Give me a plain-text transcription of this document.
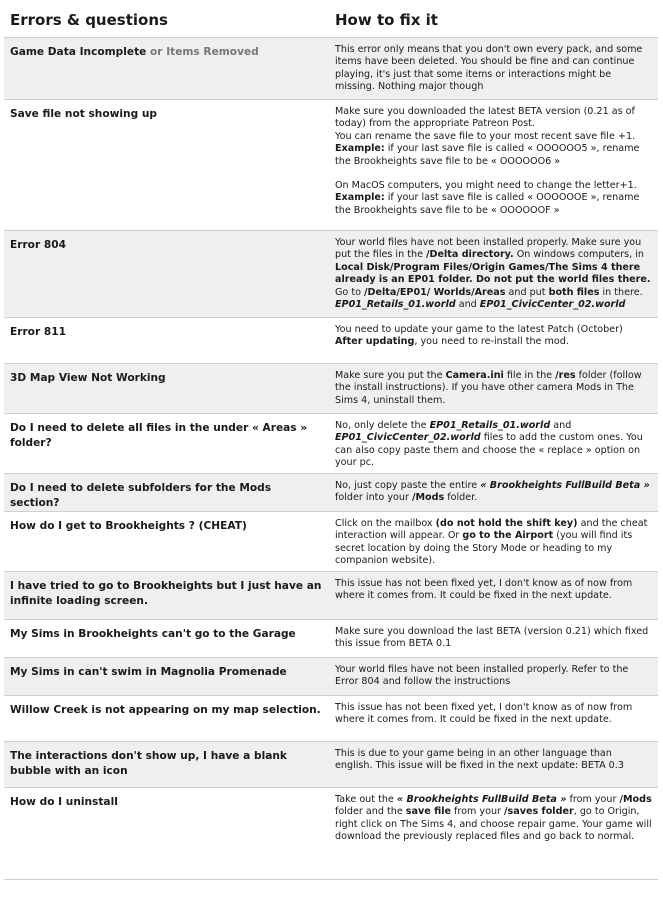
Errors & questions	How to fix it
Game Data Incomplete or Items Removed	This error only means that you don't own every pack, and some items have been deleted. You should be fine and can continue playing, it's just that some items or interactions might be missing. Nothing major though
Save file not showing up	Make sure you downloaded the latest BETA version (0.21 as of today) from the appropriate Patreon Post.
You can rename the save file to your most recent save file +1.
Example: if your last save file is called « OOOOOO5 », rename the Brookheights save file to be « OOOOOO6 »
On MacOS computers, you might need to change the letter+1.
Example: if your last save file is called « OOOOOOE », rename the Brookheights save file to be « OOOOOOF »

Error 804	Your world files have not been installed properly. Make sure you put the files in the /Delta directory. On windows computers, in Local Disk/Program Files/Origin Games/The Sims 4 there already is an EP01 folder. Do not put the world files there. Go to /Delta/EP01/ Worlds/Areas and put both files in there. EP01_Retails_01.world and EP01_CivicCenter_02.world
Error 811	You need to update your game to the latest Patch (October)
After updating, you need to re-install the mod.

3D Map View Not Working	Make sure you put the Camera.ini file in the /res folder (follow the install instructions). If you have other camera Mods in The Sims 4, uninstall them.
Do I need to delete all files in the under « Areas » folder?	No, only delete the EP01_Retails_01.world and EP01_CivicCenter_02.world files to add the custom ones. You can also copy paste them and choose the « replace » option on your pc.
Do I need to delete subfolders for the Mods section?	No, just copy paste the entire « Brookheights FullBuild Beta » folder into your /Mods folder.
How do I get to Brookheights ? (CHEAT)	Click on the mailbox (do not hold the shift key) and the cheat interaction will appear. Or go to the Airport (you will find its secret location by doing the Story Mode or heading to my companion website).
I have tried to go to Brookheights but I just have an infinite loading screen.	This issue has not been fixed yet, I don't know as of now from where it comes from. It could be fixed in the next update.
My Sims in Brookheights can't go to the Garage	Make sure you download the last BETA (version 0.21) which fixed this issue from BETA 0.1
My Sims in can't swim in Magnolia Promenade	Your world files have not been installed properly. Refer to the Error 804 and follow the instructions
Willow Creek is not appearing on my map selection.	This issue has not been fixed yet, I don't know as of now from where it comes from. It could be fixed in the next update.
The interactions don't show up, I have a blank bubble with an icon	This is due to your game being in an other language than english. This issue will be fixed in the next update: BETA 0.3
How do I uninstall	Take out the « Brookheights FullBuild Beta » from your /Mods folder and the save file from your /saves folder, go to Origin, right click on The Sims 4, and choose repair game. Your game will download the previously replaced files and go back to normal.
